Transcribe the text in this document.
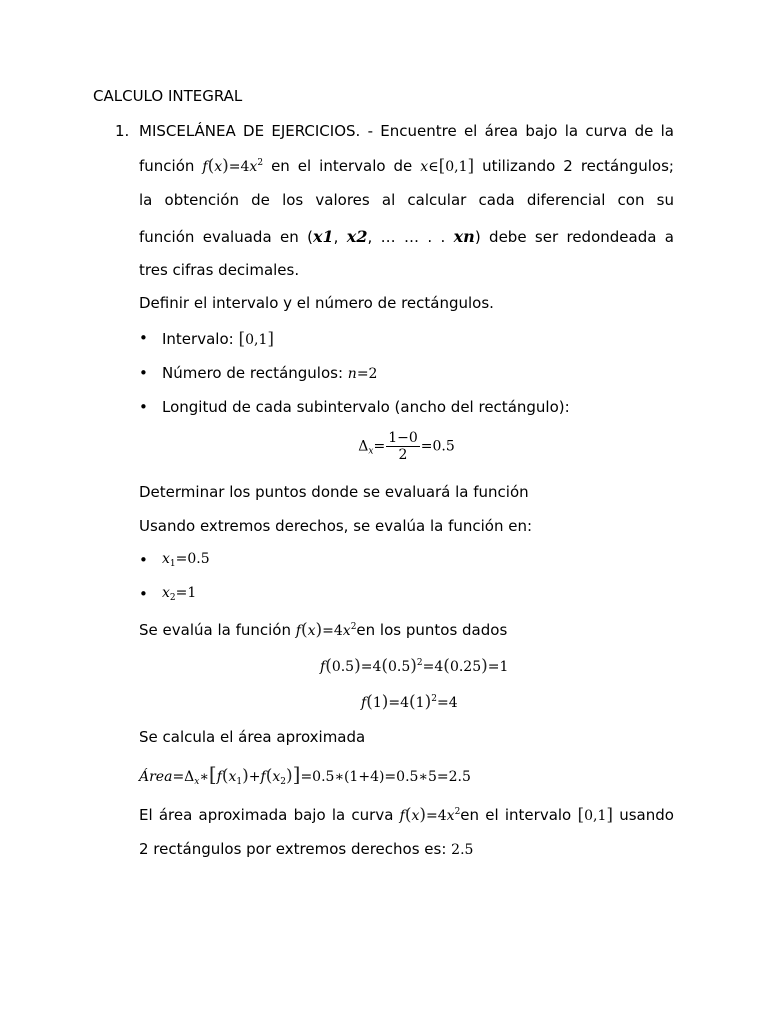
CALCULO INTEGRAL
1. MISCELÁNEA DE EJERCICIOS. - Encuentre el área bajo la curva de la
función $f(x)=4x^2$ en el intervalo de x∈[0,1] utilizando 2 rectángulos;
la obtención de los valores al calcular cada diferencial con su
función evaluada en (x1, x2, … … . . xn) debe ser redondeada a
tres cifras decimales.
Definir el intervalo y el número de rectángulos.
• Intervalo: [0,1]
• Número de rectángulos: n=2
• Longitud de cada subintervalo (ancho del rectángulo):
$\Delta_x= \frac{1-0}{2} =0.5$
Determinar los puntos donde se evaluará la función
Usando extremos derechos, se evalúa la función en:
• $x_1=0.5$
• $x_2=1$
Se evalúa la función $f(x)=4x^2en$ los puntos dados
$f(0.5)=4(0.5)^2=4(0.25)=1$
$f(1)=4(1)^2=4$
Se calcula el área aproximada
$Área=\Delta_x∗[f(x_1)+f(x_2)]=0.5∗(1+4)=0.5∗5=2.5$
El área aproximada bajo la curva $f(x)=4x^2en$ el intervalo [0,1] usando
2 rectángulos por extremos derechos es: 2.5
